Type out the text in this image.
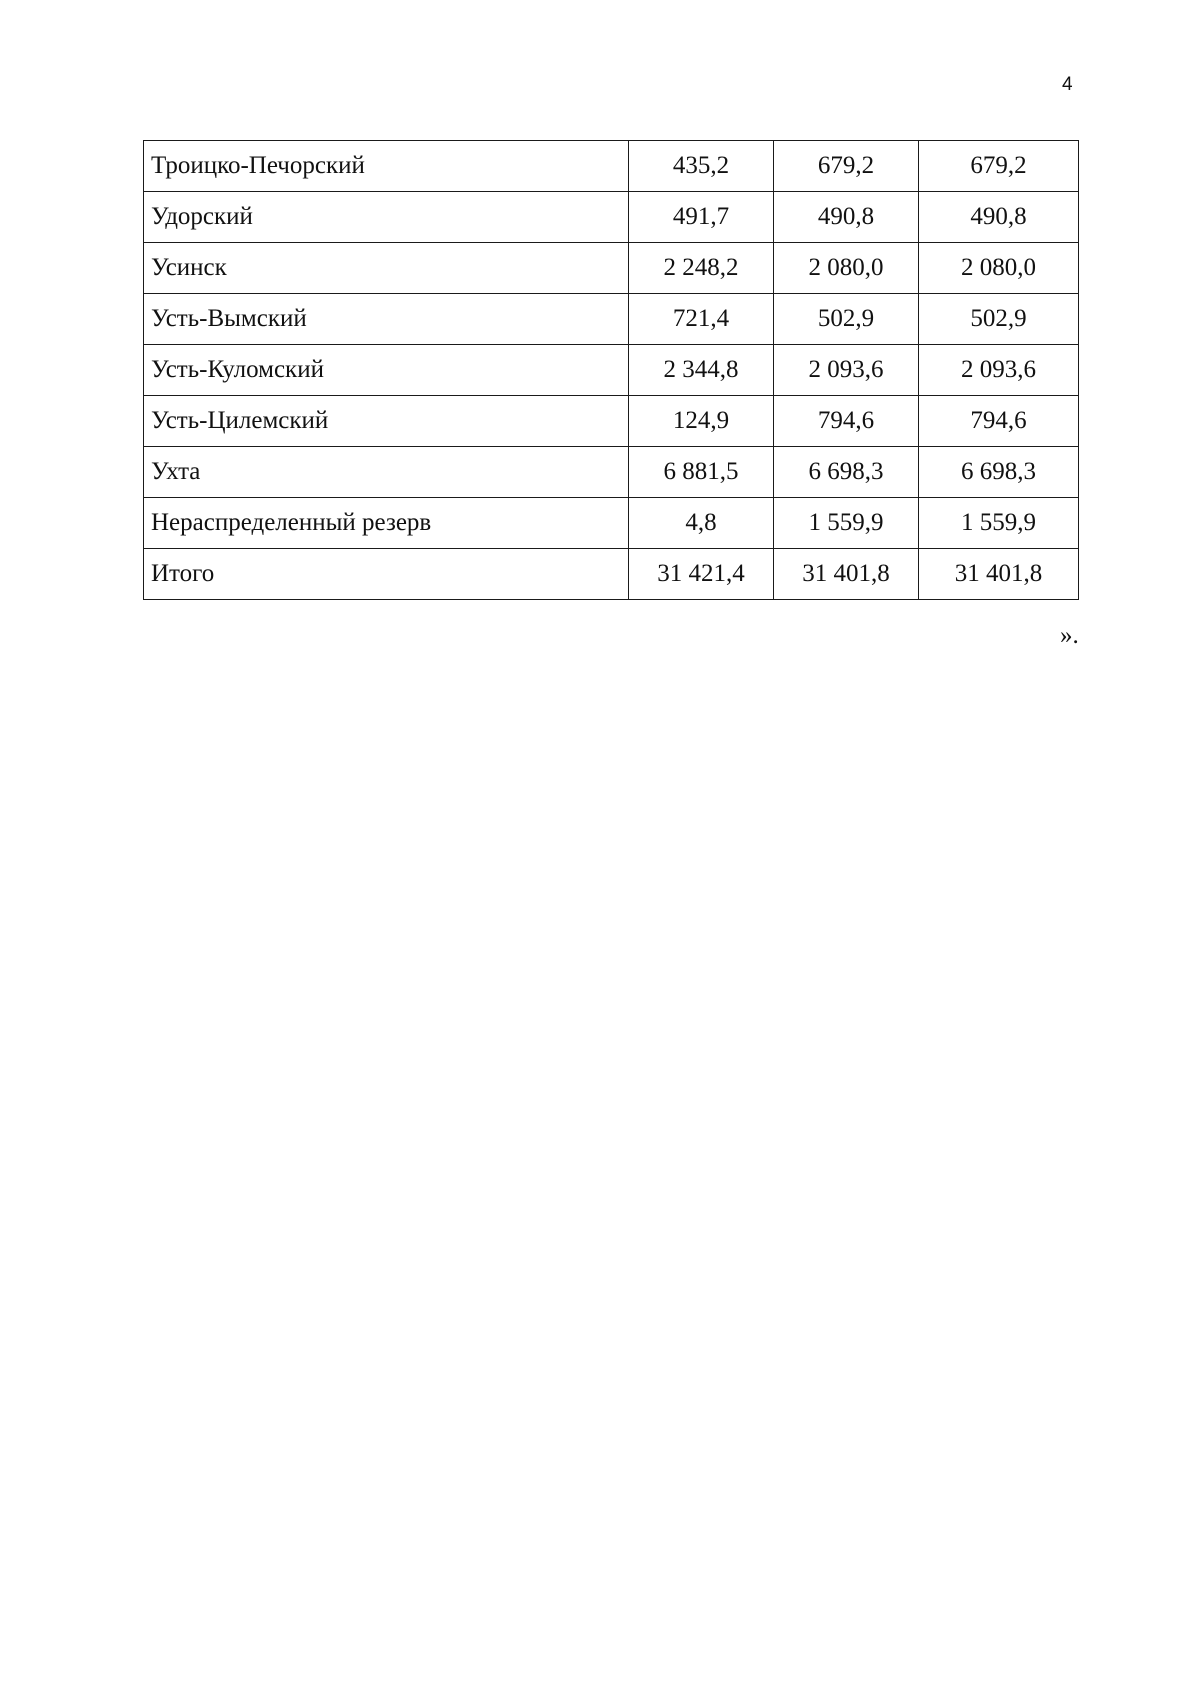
4
Троицко-Печорский	435,2	679,2	679,2
Удорский	491,7	490,8	490,8
Усинск	2 248,2	2 080,0	2 080,0
Усть-Вымский	721,4	502,9	502,9
Усть-Куломский	2 344,8	2 093,6	2 093,6
Усть-Цилемский	124,9	794,6	794,6
Ухта	6 881,5	6 698,3	6 698,3
Нераспределенный резерв	4,8	1 559,9	1 559,9
Итого	31 421,4	31 401,8	31 401,8
».
